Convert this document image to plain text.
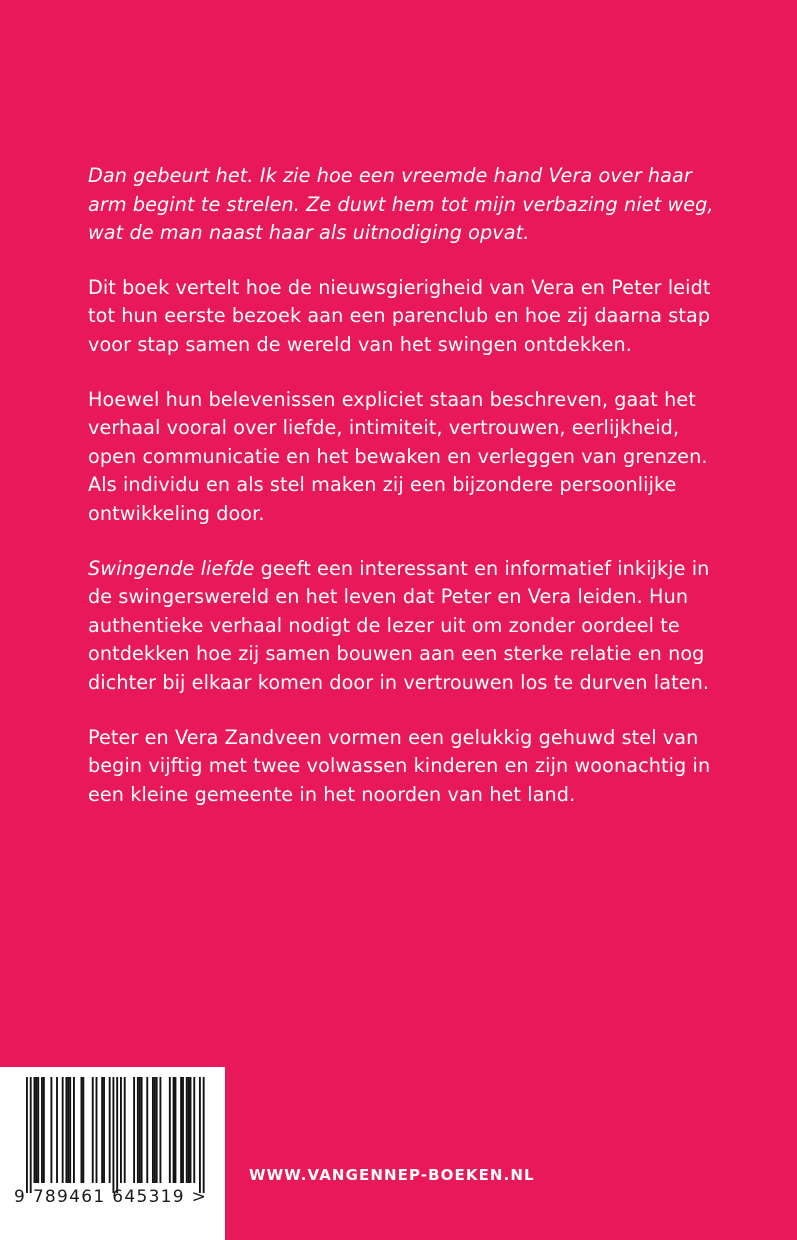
Dan gebeurt het. Ik zie hoe een vreemde hand Vera over haar arm begint te strelen. Ze duwt hem tot mijn verbazing niet weg, wat de man naast haar als uitnodiging opvat.

Dit boek vertelt hoe de nieuwsgierigheid van Vera en Peter leidt tot hun eerste bezoek aan een parenclub en hoe zij daarna stap voor stap samen de wereld van het swingen ontdekken.

Hoewel hun belevenissen expliciet staan beschreven, gaat het verhaal vooral over liefde, intimiteit, vertrouwen, eerlijkheid, open communicatie en het bewaken en verleggen van grenzen. Als individu en als stel maken zij een bijzondere persoonlijke ontwikkeling door.

Swingende liefde geeft een interessant en informatief inkijkje in de swingerswereld en het leven dat Peter en Vera leiden. Hun authentieke verhaal nodigt de lezer uit om zonder oordeel te ontdekken hoe zij samen bouwen aan een sterke relatie en nog dichter bij elkaar komen door in vertrouwen los te durven laten.

Peter en Vera Zandveen vormen een gelukkig gehuwd stel van begin vijftig met twee volwassen kinderen en zijn woonachtig in een kleine gemeente in het noorden van het land.

9 789461 645319 >
WWW.VANGENNEP-BOEKEN.NL
